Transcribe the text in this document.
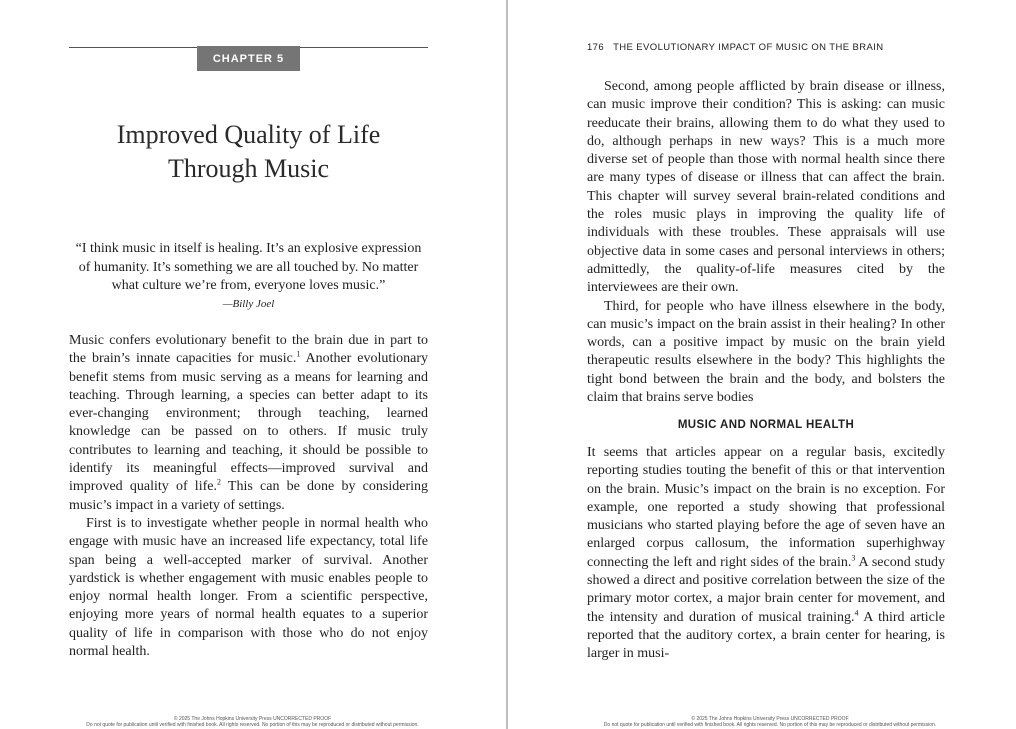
CHAPTER 5
Improved Quality of Life
Through Music
“I think music in itself is healing. It’s an explosive expression of humanity. It’s something we are all touched by. No matter what culture we’re from, everyone loves music.”
—Billy Joel

Music confers evolutionary benefit to the brain due in part to the brain’s innate capacities for music.$^1$ Another evolutionary benefit stems from music serving as a means for learning and teaching. Through learning, a species can better adapt to its ever-changing environment; through teaching, learned knowledge can be passed on to others. If music truly contributes to learning and teaching, it should be possible to identify its meaningful effects—improved survival and improved quality of life.$^2$ This can be done by considering music’s impact in a variety of settings.

First is to investigate whether people in normal health who engage with music have an increased life expectancy, total life span being a well-accepted marker of survival. Another yardstick is whether engagement with music enables people to enjoy normal health longer. From a scientific perspective, enjoying more years of normal health equates to a superior quality of life in comparison with those who do not enjoy normal health.

© 2025 The Johns Hopkins University Press UNCORRECTED PROOF
Do not quote for publication until verified with finished book. All rights reserved. No portion of this may be reproduced or distributed without permission.
176 THE EVOLUTIONARY IMPACT OF MUSIC ON THE BRAIN

Second, among people afflicted by brain disease or illness, can music improve their condition? This is asking: can music reeducate their brains, allowing them to do what they used to do, although perhaps in new ways? This is a much more diverse set of people than those with normal health since there are many types of disease or illness that can affect the brain. This chapter will survey several brain-related conditions and the roles music plays in improving the quality life of individuals with these troubles. These appraisals will use objective data in some cases and personal interviews in others; admittedly, the quality-of-life measures cited by the interviewees are their own.

Third, for people who have illness elsewhere in the body, can music’s impact on the brain assist in their healing? In other words, can a positive impact by music on the brain yield therapeutic results elsewhere in the body? This highlights the tight bond between the brain and the body, and bolsters the claim that brains serve bodies

MUSIC AND NORMAL HEALTH

It seems that articles appear on a regular basis, excitedly reporting studies touting the benefit of this or that intervention on the brain. Music’s impact on the brain is no exception. For example, one reported a study showing that professional musicians who started playing before the age of seven have an enlarged corpus callosum, the information superhighway connecting the left and right sides of the brain.$^3$ A second study showed a direct and positive correlation between the size of the primary motor cortex, a major brain center for movement, and the intensity and duration of musical training.$^4$ A third article reported that the auditory cortex, a brain center for hearing, is larger in musi-

© 2025 The Johns Hopkins University Press UNCORRECTED PROOF
Do not quote for publication until verified with finished book. All rights reserved. No portion of this may be reproduced or distributed without permission.
